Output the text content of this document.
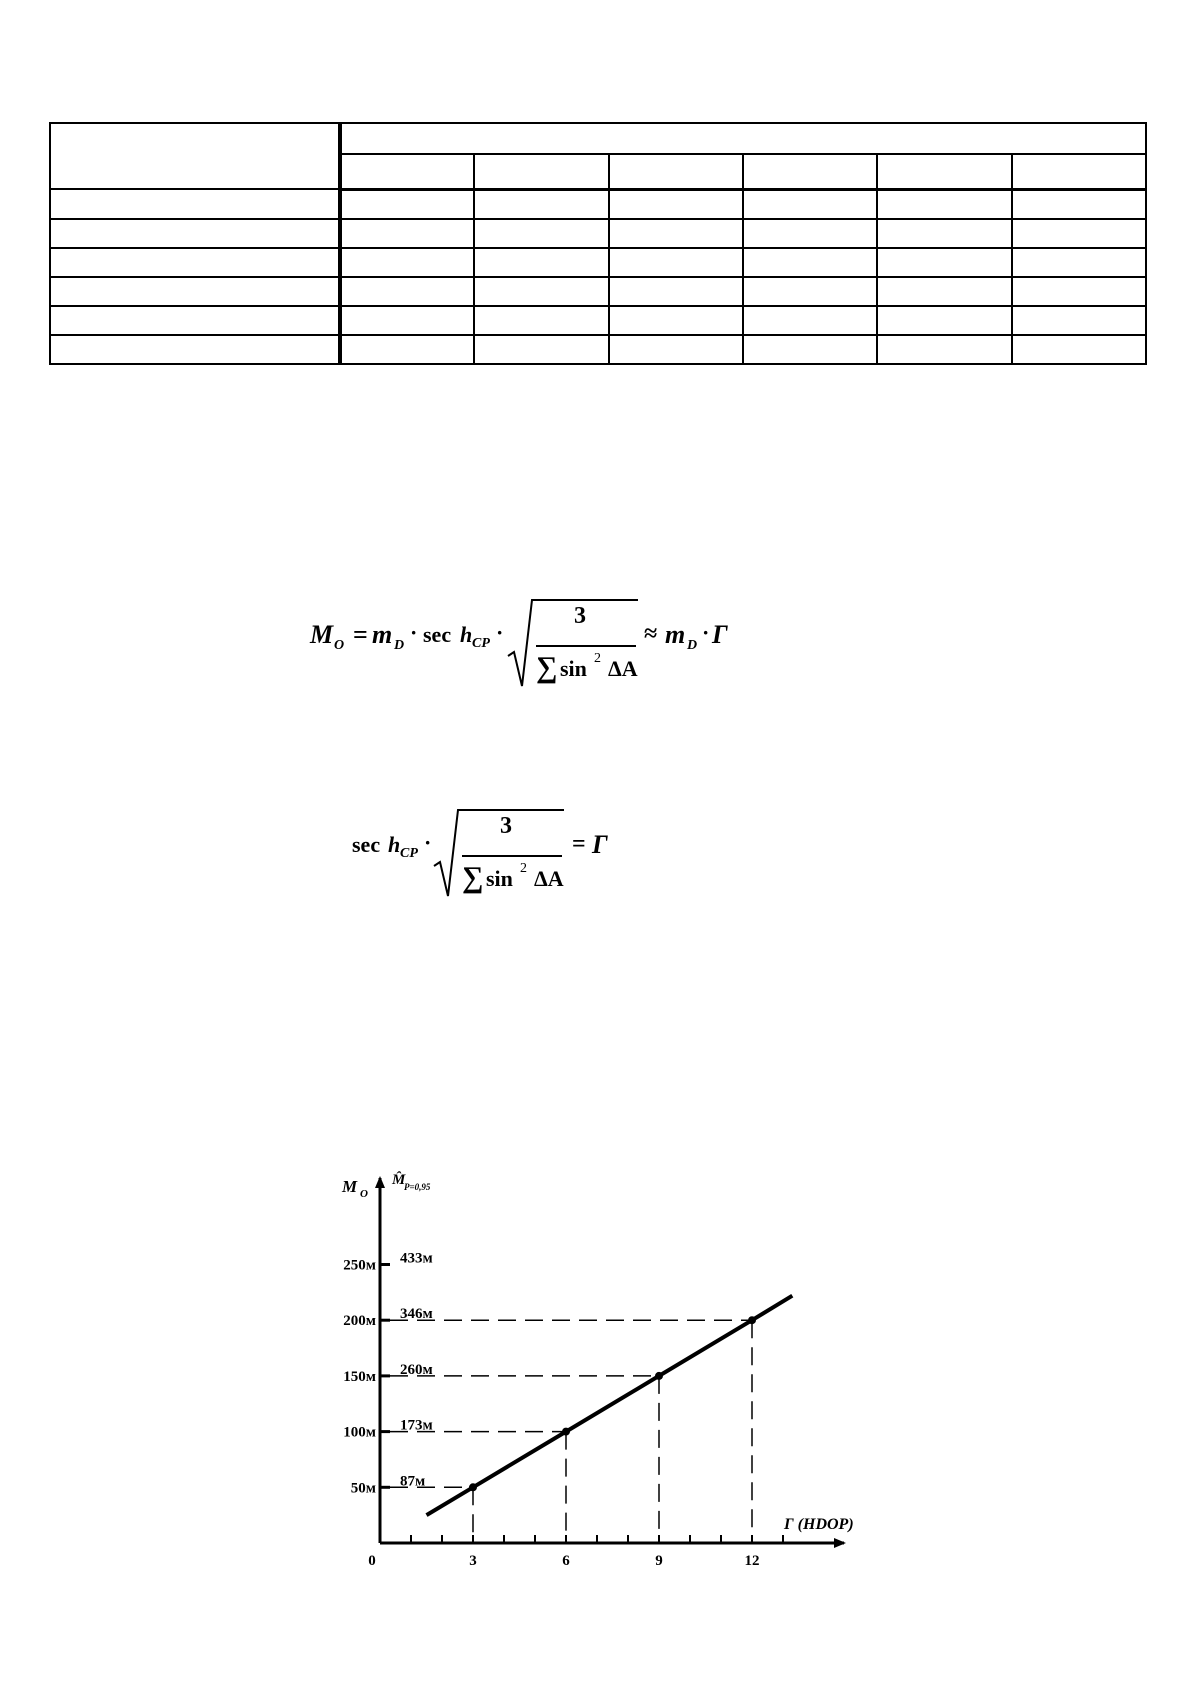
M O = m D
· sec h CP ·
3
∑ sin 2 ΔA
≈ m D
· Г
sec h CP ·
3
∑ sin 2 ΔA
= Г
3	6	9	12
0
50м
100м
150м
200м
250м
87м
173м
260м
346м
433м
Г (HDOP)
M O
M̂
P=0,95
